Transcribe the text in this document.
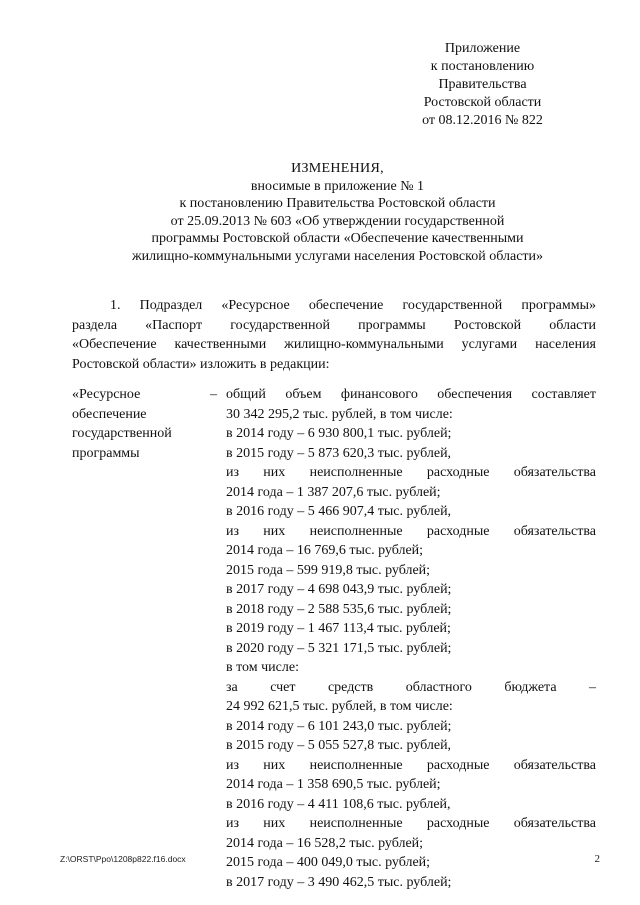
Приложение
к постановлению
Правительства
Ростовской области
от 08.12.2016 № 822
ИЗМЕНЕНИЯ,
вносимые в приложение № 1
к постановлению Правительства Ростовской области
от 25.09.2013 № 603 «Об утверждении государственной
программы Ростовской области «Обеспечение качественными
жилищно-коммунальными услугами населения Ростовской области»
1. Подраздел «Ресурсное обеспечение государственной программы»
раздела «Паспорт государственной программы Ростовской области
«Обеспечение качественными жилищно-коммунальными услугами населения
Ростовской области» изложить в редакции:
«Ресурсное
обеспечение
государственной
программы
– общий объем финансового обеспечения составляет
30 342 295,2 тыс. рублей, в том числе:
в 2014 году – 6 930 800,1 тыс. рублей;
в 2015 году – 5 873 620,3 тыс. рублей,
из них неисполненные расходные обязательства
2014 года – 1 387 207,6 тыс. рублей;
в 2016 году – 5 466 907,4 тыс. рублей,
из них неисполненные расходные обязательства
2014 года – 16 769,6 тыс. рублей;
2015 года – 599 919,8 тыс. рублей;
в 2017 году – 4 698 043,9 тыс. рублей;
в 2018 году – 2 588 535,6 тыс. рублей;
в 2019 году – 1 467 113,4 тыс. рублей;
в 2020 году – 5 321 171,5 тыс. рублей;
в том числе:
за счет средств областного бюджета –
24 992 621,5 тыс. рублей, в том числе:
в 2014 году – 6 101 243,0 тыс. рублей;
в 2015 году – 5 055 527,8 тыс. рублей,
из них неисполненные расходные обязательства
2014 года – 1 358 690,5 тыс. рублей;
в 2016 году – 4 411 108,6 тыс. рублей,
из них неисполненные расходные обязательства
2014 года – 16 528,2 тыс. рублей;
2015 года – 400 049,0 тыс. рублей;
в 2017 году – 3 490 462,5 тыс. рублей;
Z:\ORST\Ppo\1208p822.f16.docx	2
